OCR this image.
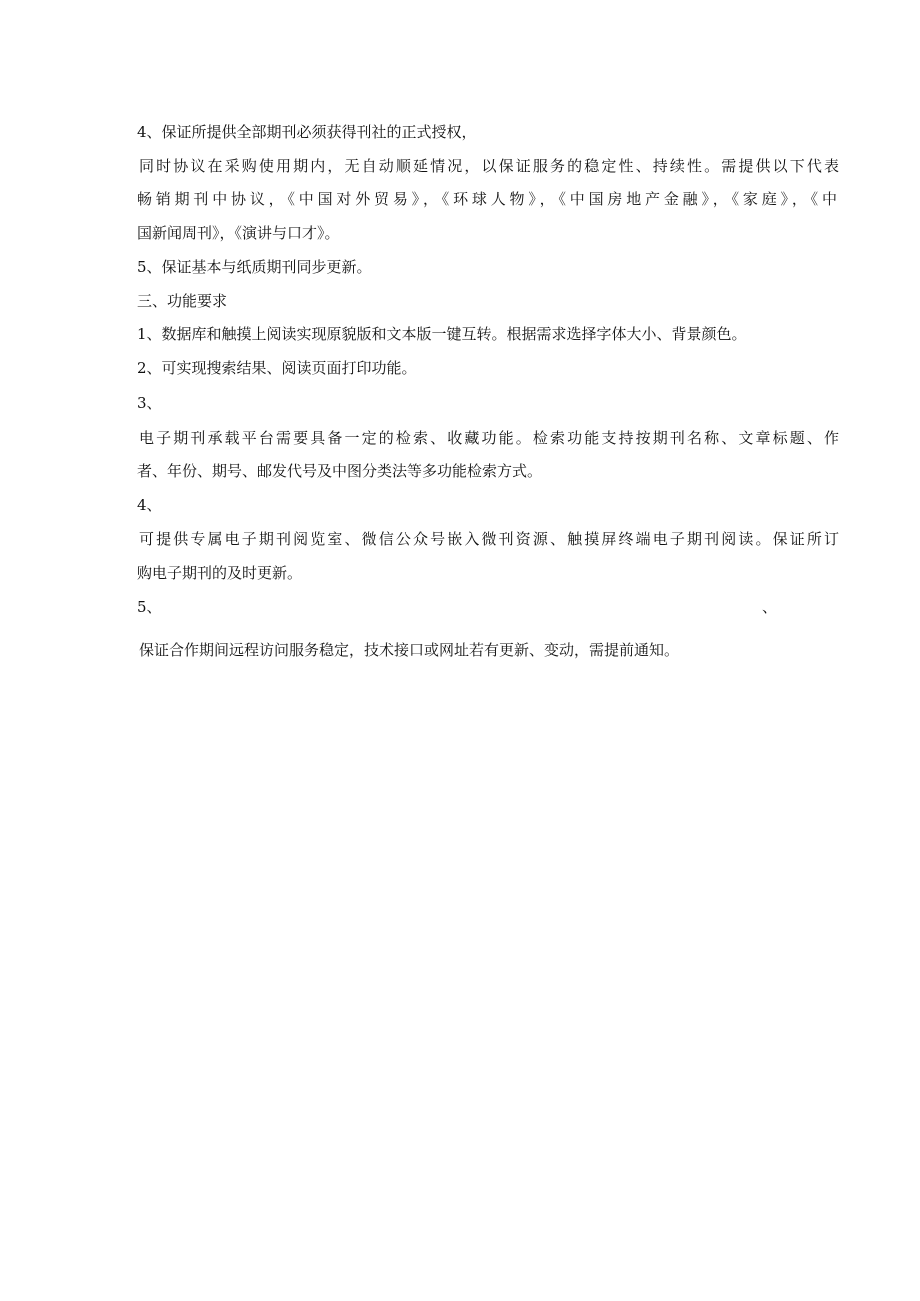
4、保证所提供全部期刊必须获得刊社的正式授权，
同时协议在采购使用期内，无自动顺延情况，以保证服务的稳定性、持续性。需提供以下代表
畅销期刊中协议，《中国对外贸易》，《环球人物》，《中国房地产金融》，《家庭》，《中
国新闻周刊》，《演讲与口才》。
5、保证基本与纸质期刊同步更新。
三、功能要求
1、数据库和触摸上阅读实现原貌版和文本版一键互转。根据需求选择字体大小、背景颜色。
2、可实现搜索结果、阅读页面打印功能。
3、
电子期刊承载平台需要具备一定的检索、收藏功能。检索功能支持按期刊名称、文章标题、作
者、年份、期号、邮发代号及中图分类法等多功能检索方式。
4、
可提供专属电子期刊阅览室、微信公众号嵌入微刊资源、触摸屏终端电子期刊阅读。保证所订
购电子期刊的及时更新。
5、	、
保证合作期间远程访问服务稳定，技术接口或网址若有更新、变动，需提前通知。
